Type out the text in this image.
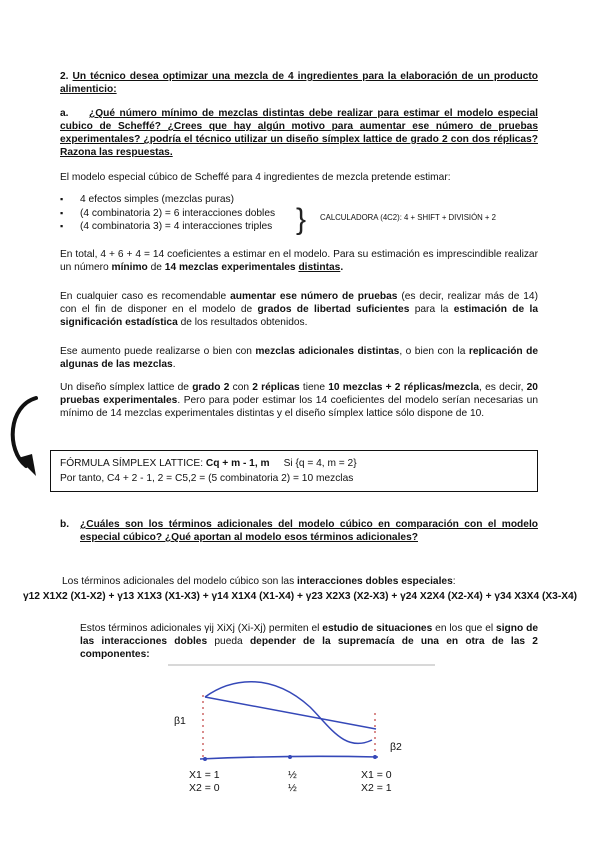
2. Un técnico desea optimizar una mezcla de 4 ingredientes para la elaboración de un producto alimenticio:
a. ¿Qué número mínimo de mezclas distintas debe realizar para estimar el modelo especial cubico de Scheffé? ¿Crees que hay algún motivo para aumentar ese número de pruebas experimentales? ¿podría el técnico utilizar un diseño símplex lattice de grado 2 con dos réplicas? Razona las respuestas.
El modelo especial cúbico de Scheffé para 4 ingredientes de mezcla pretende estimar:
▪ 4 efectos simples (mezclas puras)
▪ (4 combinatoria 2) = 6 interacciones dobles
▪ (4 combinatoria 3) = 4 interacciones triples } CALCULADORA (4C2): 4 + SHIFT + DIVISIÓN + 2
En total, 4 + 6 + 4 = 14 coeficientes a estimar en el modelo. Para su estimación es imprescindible realizar un número mínimo de 14 mezclas experimentales distintas.
En cualquier caso es recomendable aumentar ese número de pruebas (es decir, realizar más de 14) con el fin de disponer en el modelo de grados de libertad suficientes para la estimación de la significación estadística de los resultados obtenidos.
Ese aumento puede realizarse o bien con mezclas adicionales distintas, o bien con la replicación de algunas de las mezclas.
Un diseño símplex lattice de grado 2 con 2 réplicas tiene 10 mezclas + 2 réplicas/mezcla, es decir, 20 pruebas experimentales. Pero para poder estimar los 14 coeficientes del modelo serían necesarias un mínimo de 14 mezclas experimentales distintas y el diseño símplex lattice sólo dispone de 10.
FÓRMULA SÍMPLEX LATTICE: Cq + m - 1, m Si {q = 4, m = 2}
Por tanto, C4 + 2 - 1, 2 = C5,2 = (5 combinatoria 2) = 10 mezclas
b. ¿Cuáles son los términos adicionales del modelo cúbico en comparación con el modelo especial cúbico? ¿Qué aportan al modelo esos términos adicionales?
Los términos adicionales del modelo cúbico son las interacciones dobles especiales:
γ12 X1X2 (X1-X2) + γ13 X1X3 (X1-X3) + γ14 X1X4 (X1-X4) + γ23 X2X3 (X2-X3) + γ24 X2X4 (X2-X4) + γ34 X3X4 (X3-X4)
Estos términos adicionales γij XiXj (Xi-Xj) permiten el estudio de situaciones en los que el signo de las interacciones dobles pueda depender de la supremacía de una en otra de las 2 componentes:
β1
β2
X1 = 1
X2 = 0
½
½
X1 = 0
X2 = 1
